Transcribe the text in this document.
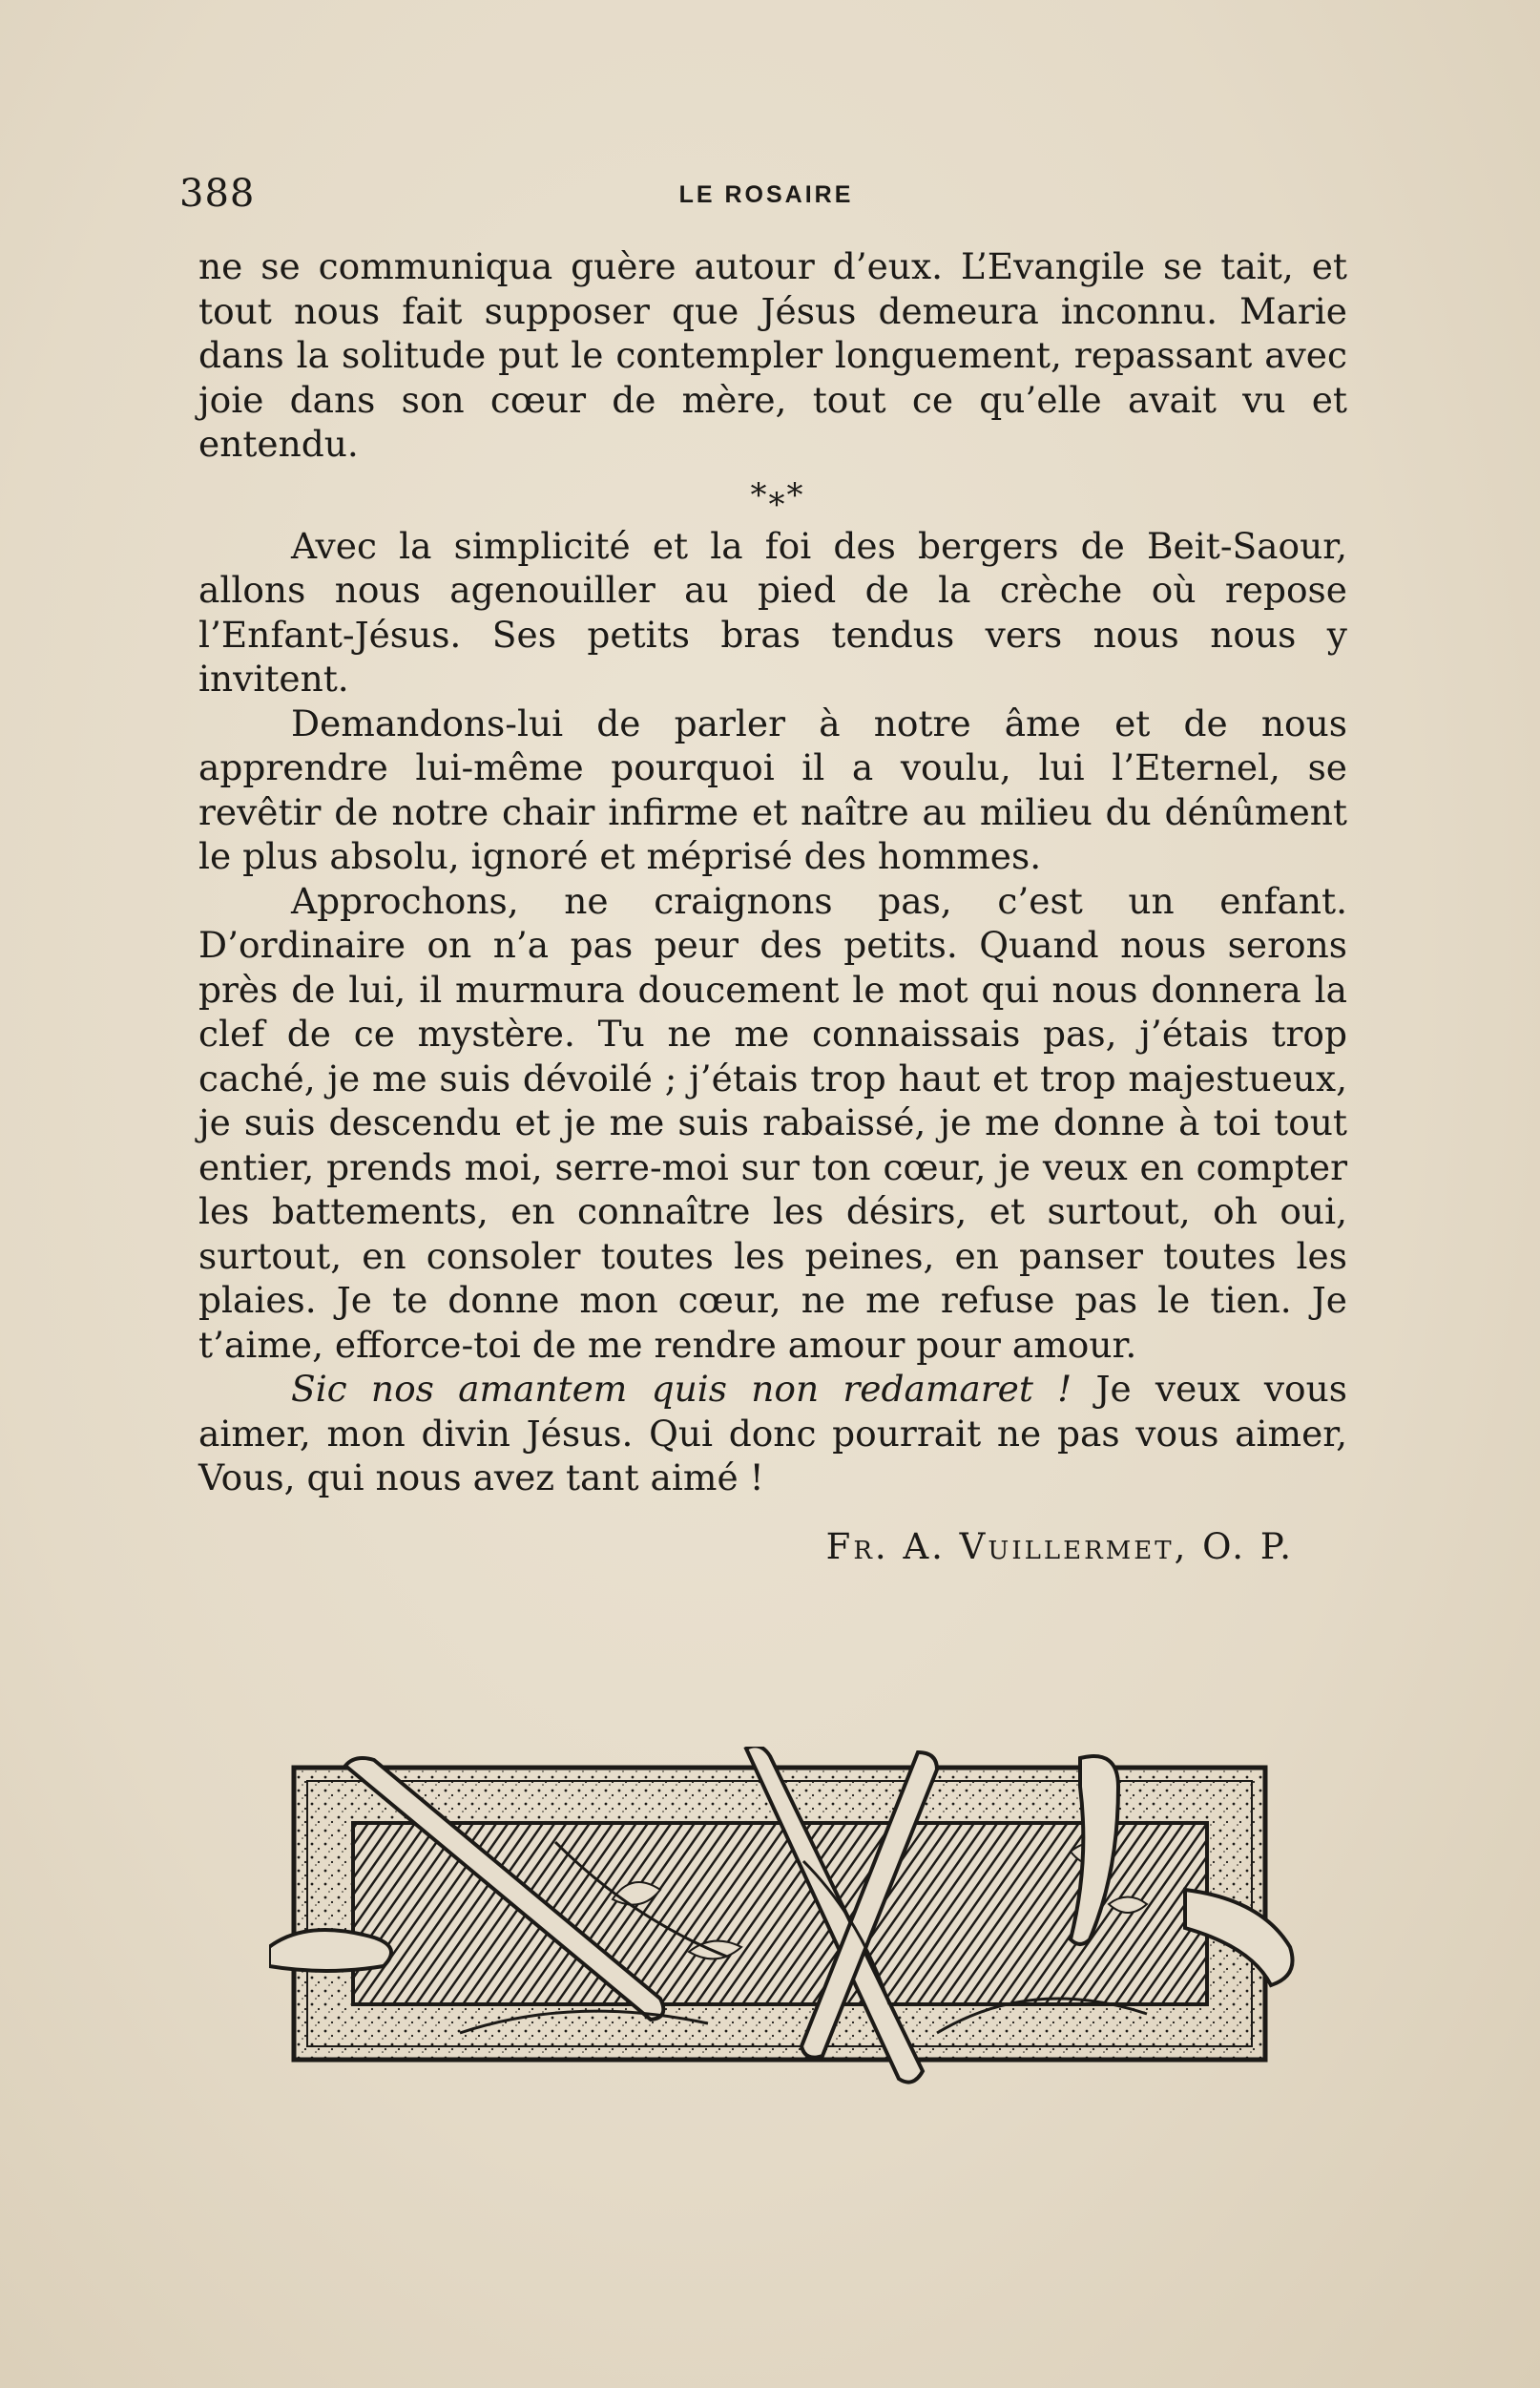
388	LE ROSAIRE

ne se communiqua guère autour d’eux. L’Evangile se tait, et tout nous fait supposer que Jésus demeura inconnu. Marie dans la solitude put le contempler longuement, repassant avec joie dans son cœur de mère, tout ce qu’elle avait vu et entendu.

***

Avec la simplicité et la foi des bergers de Beit-Saour, allons nous agenouiller au pied de la crèche où repose l’Enfant-Jésus. Ses petits bras tendus vers nous nous y invitent.

Demandons-lui de parler à notre âme et de nous apprendre lui-même pourquoi il a voulu, lui l’Eternel, se revêtir de notre chair infirme et naître au milieu du dénûment le plus absolu, ignoré et méprisé des hommes.

Approchons, ne craignons pas, c’est un enfant. D’ordinaire on n’a pas peur des petits. Quand nous serons près de lui, il murmura doucement le mot qui nous donnera la clef de ce mystère. Tu ne me connaissais pas, j’étais trop caché, je me suis dévoilé ; j’étais trop haut et trop majestueux, je suis descendu et je me suis rabaissé, je me donne à toi tout entier, prends moi, serre-moi sur ton cœur, je veux en compter les battements, en connaître les désirs, et surtout, oh oui, surtout, en consoler toutes les peines, en panser toutes les plaies. Je te donne mon cœur, ne me refuse pas le tien. Je t’aime, efforce-toi de me rendre amour pour amour.

Sic nos amantem quis non redamaret ! Je veux vous aimer, mon divin Jésus. Qui donc pourrait ne pas vous aimer, Vous, qui nous avez tant aimé !

Fr. A. Vuillermet, O. P.
